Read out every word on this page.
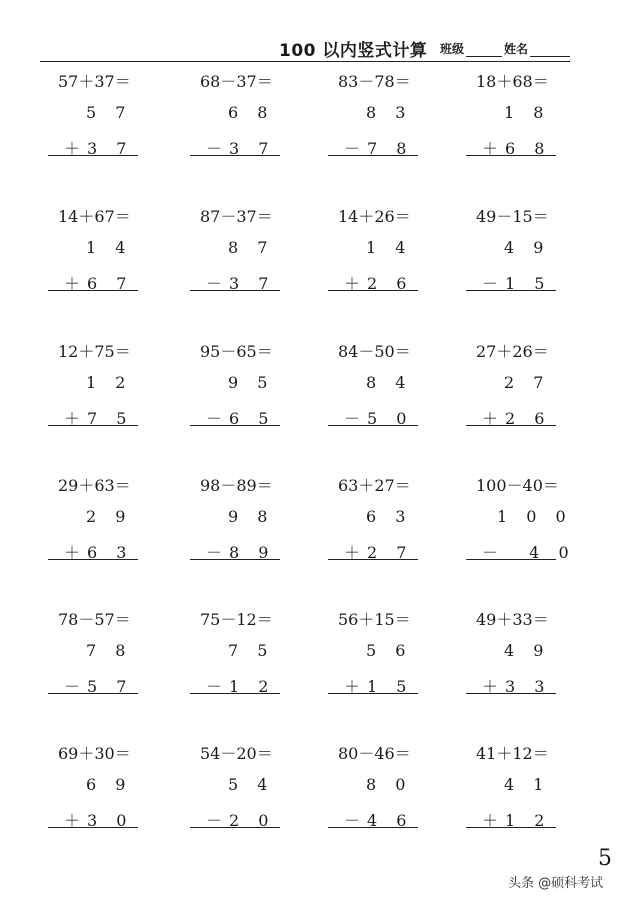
100 以内竖式计算 班级	姓名
57＋37＝
5 7
＋3 7
68－37＝
6 8
－3 7
83－78＝
8 3
－7 8
18＋68＝
1 8
＋6 8
14＋67＝
1 4
＋6 7
87－37＝
8 7
－3 7
14＋26＝
1 4
＋2 6
49－15＝
4 9
－1 5
12＋75＝
1 2
＋7 5
95－65＝
9 5
－6 5
84－50＝
8 4
－5 0
27＋26＝
2 7
＋2 6
29＋63＝
2 9
＋6 3
98－89＝
9 8
－8 9
63＋27＝
6 3
＋2 7
100－40＝
1 0 0
－  4 0
78－57＝
7 8
－5 7
75－12＝
7 5
－1 2
56＋15＝
5 6
＋1 5
49＋33＝
4 9
＋3 3
69＋30＝
6 9
＋3 0
54－20＝
5 4
－2 0
80－46＝
8 0
－4 6
41＋12＝
4 1
＋1 2
5
头条 @硕科考试
